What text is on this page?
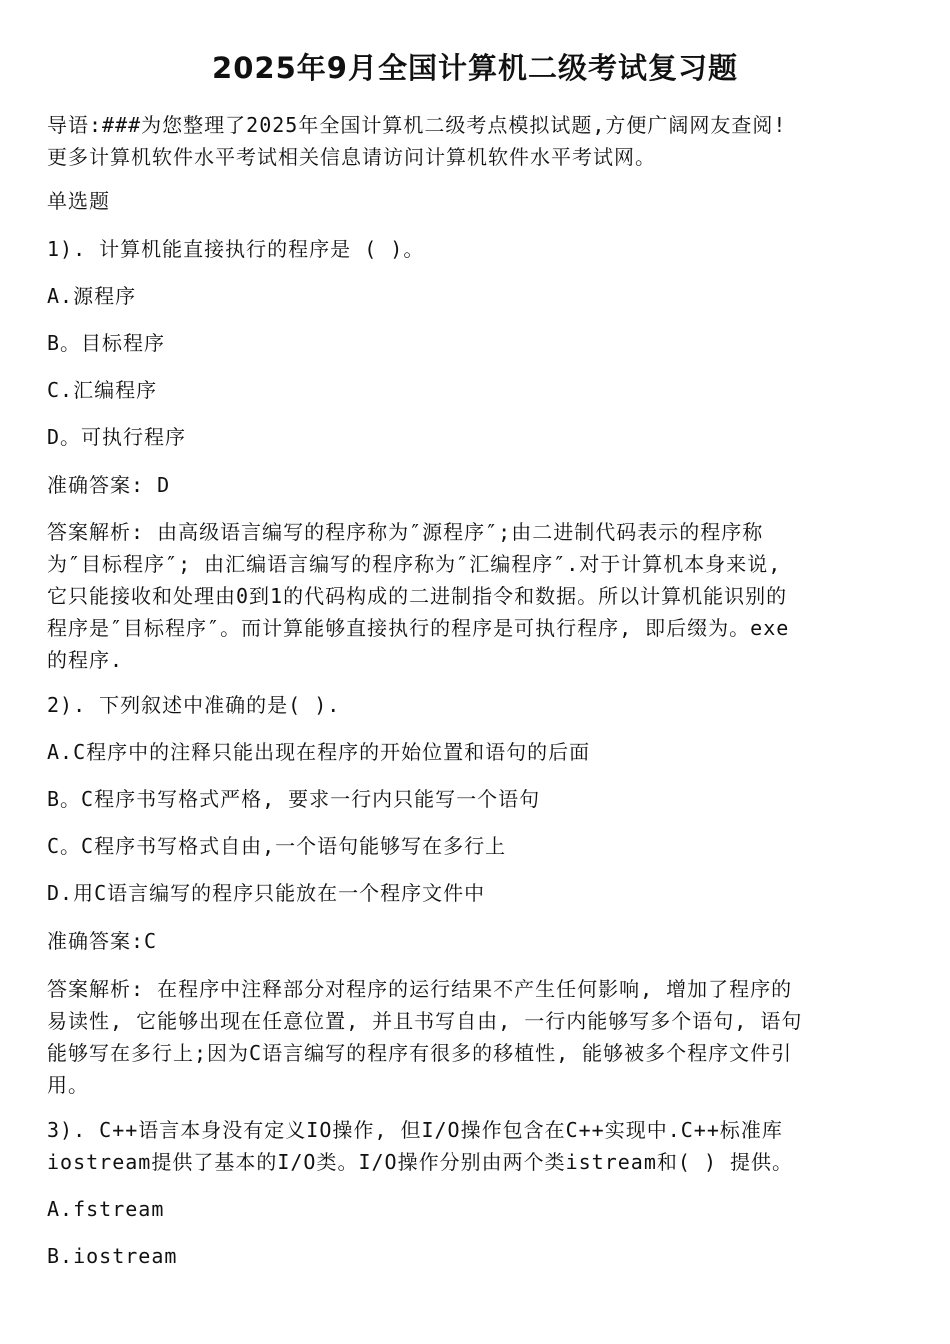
2025年9月全国计算机二级考试复习题
导语:###为您整理了2025年全国计算机二级考点模拟试题,方便广阔网友查阅!
更多计算机软件水平考试相关信息请访问计算机软件水平考试网。
单选题
1). 计算机能直接执行的程序是 ( )。
A.源程序
B。目标程序
C.汇编程序
D。可执行程序
准确答案: D
答案解析: 由高级语言编写的程序称为″源程序″;由二进制代码表示的程序称
为″目标程序″; 由汇编语言编写的程序称为″汇编程序″.对于计算机本身来说,
它只能接收和处理由0到1的代码构成的二进制指令和数据。所以计算机能识别的
程序是″目标程序″。而计算能够直接执行的程序是可执行程序, 即后缀为。exe
的程序.
2). 下列叙述中准确的是( ).
A.C程序中的注释只能出现在程序的开始位置和语句的后面
B。C程序书写格式严格, 要求一行内只能写一个语句
C。C程序书写格式自由,一个语句能够写在多行上
D.用C语言编写的程序只能放在一个程序文件中
准确答案:C
答案解析: 在程序中注释部分对程序的运行结果不产生任何影响, 增加了程序的
易读性, 它能够出现在任意位置, 并且书写自由, 一行内能够写多个语句, 语句
能够写在多行上;因为C语言编写的程序有很多的移植性, 能够被多个程序文件引
用。
3). C++语言本身没有定义IO操作, 但I/O操作包含在C++实现中.C++标准库
iostream提供了基本的I/O类。I/O操作分别由两个类istream和( ) 提供。
A.fstream
B.iostream
